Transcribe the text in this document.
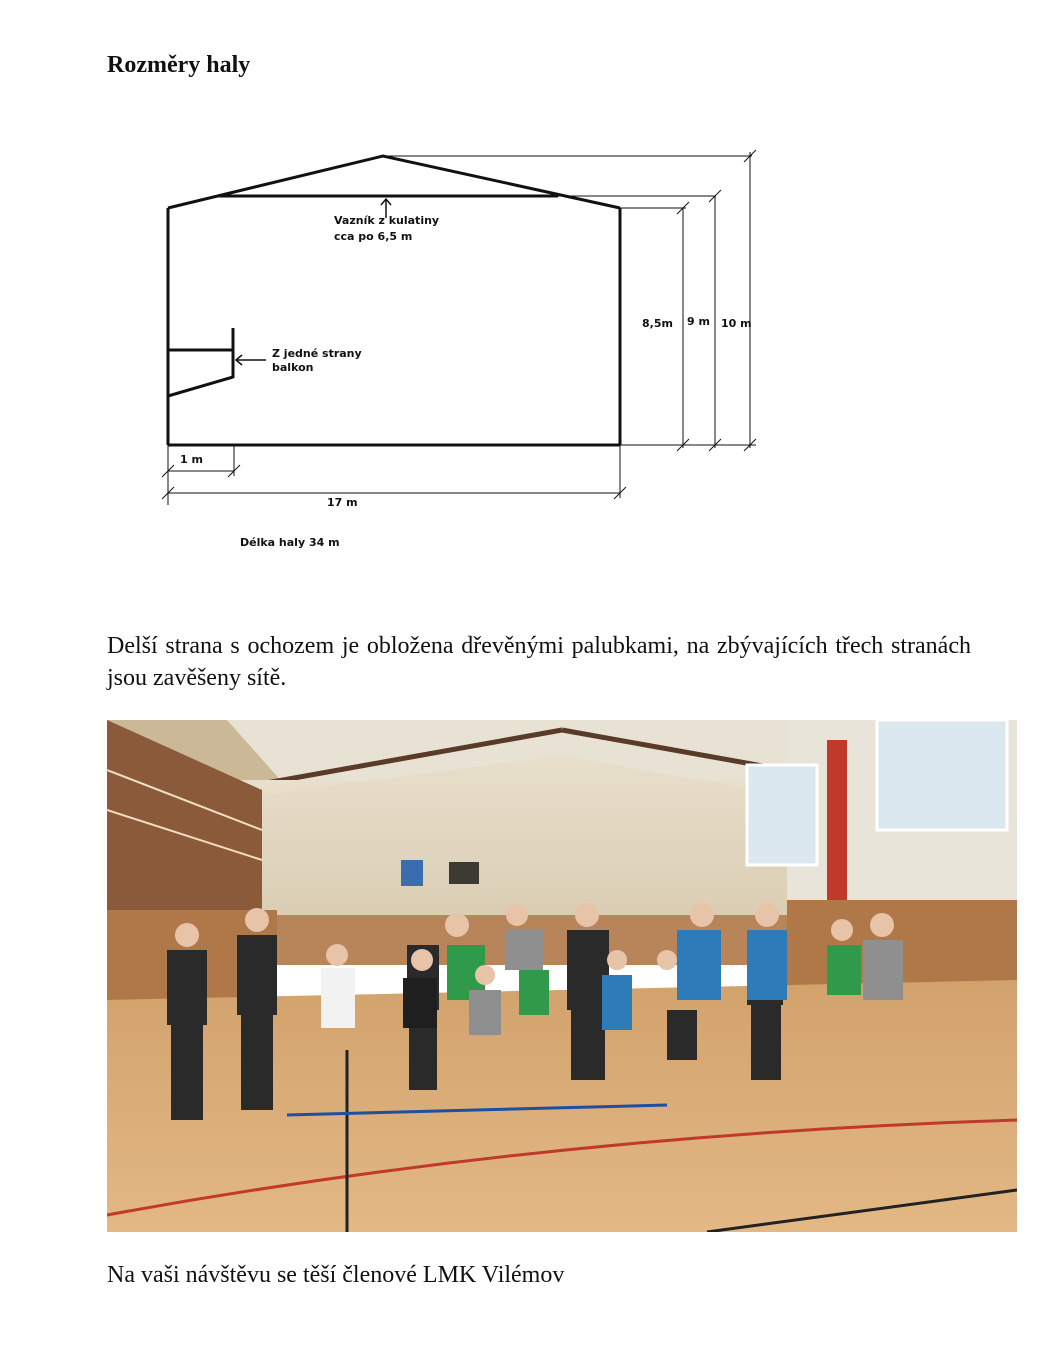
Rozměry haly
Vazník z kulatiny
cca po 6,5 m
Z jedné strany
balkon
8,5m 9 m 10 m
1 m
17 m
Délka haly 34 m

Delší strana s ochozem je obložena dřevěnými palubkami, na zbývajících třech stranách jsou zavěšeny sítě.

Na vaši návštěvu se těší členové LMK Vilémov
